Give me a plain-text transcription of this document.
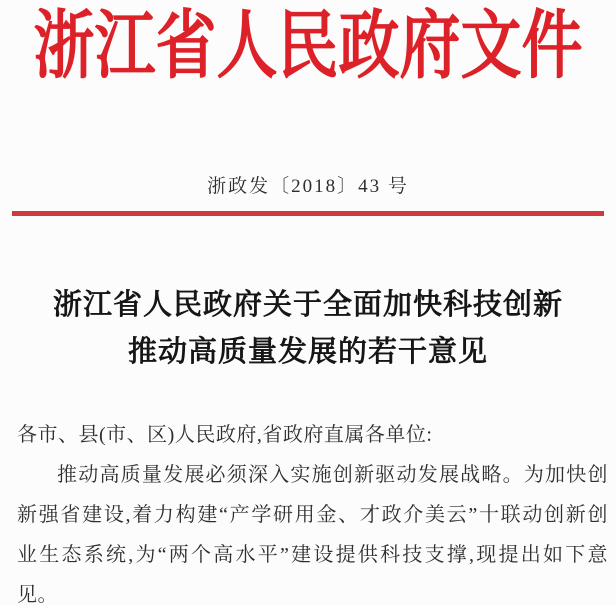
浙江省人民政府文件
浙政发〔2018〕43 号
浙江省人民政府关于全面加快科技创新
推动高质量发展的若干意见
各市、县(市、区)人民政府,省政府直属各单位:
推动高质量发展必须深入实施创新驱动发展战略。为加快创
新强省建设,着力构建“产学研用金、才政介美云”十联动创新创
业生态系统,为“两个高水平”建设提供科技支撑,现提出如下意
见。
